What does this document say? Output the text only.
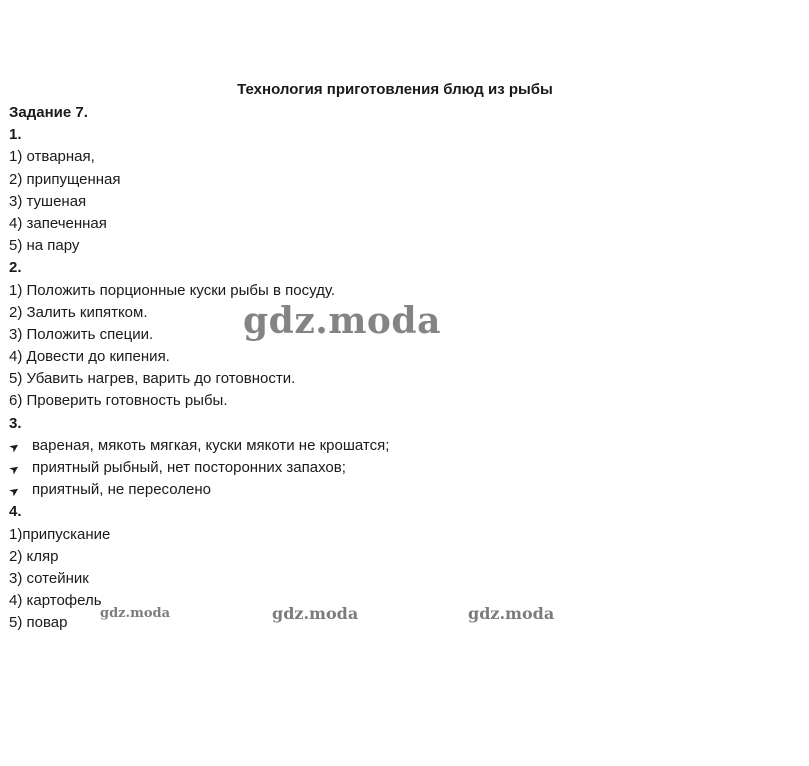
Технология приготовления блюд из рыбы
Задание 7.
1.
1) отварная,
2) припущенная
3) тушеная
4) запеченная
5) на пару
2.
1) Положить порционные куски рыбы в посуду.
2) Залить кипятком.
3) Положить специи.
4) Довести до кипения.
5) Убавить нагрев, варить до готовности.
6) Проверить готовность рыбы.
3.
➤ вареная, мякоть мягкая, куски мякоти не крошатся;
➤ приятный рыбный, нет посторонних запахов;
➤ приятный, не пересолено
4.
1)припускание
2) кляр
3) сотейник
4) картофель
5) повар
gdz.moda
gdz.moda	gdz.moda	gdz.moda
